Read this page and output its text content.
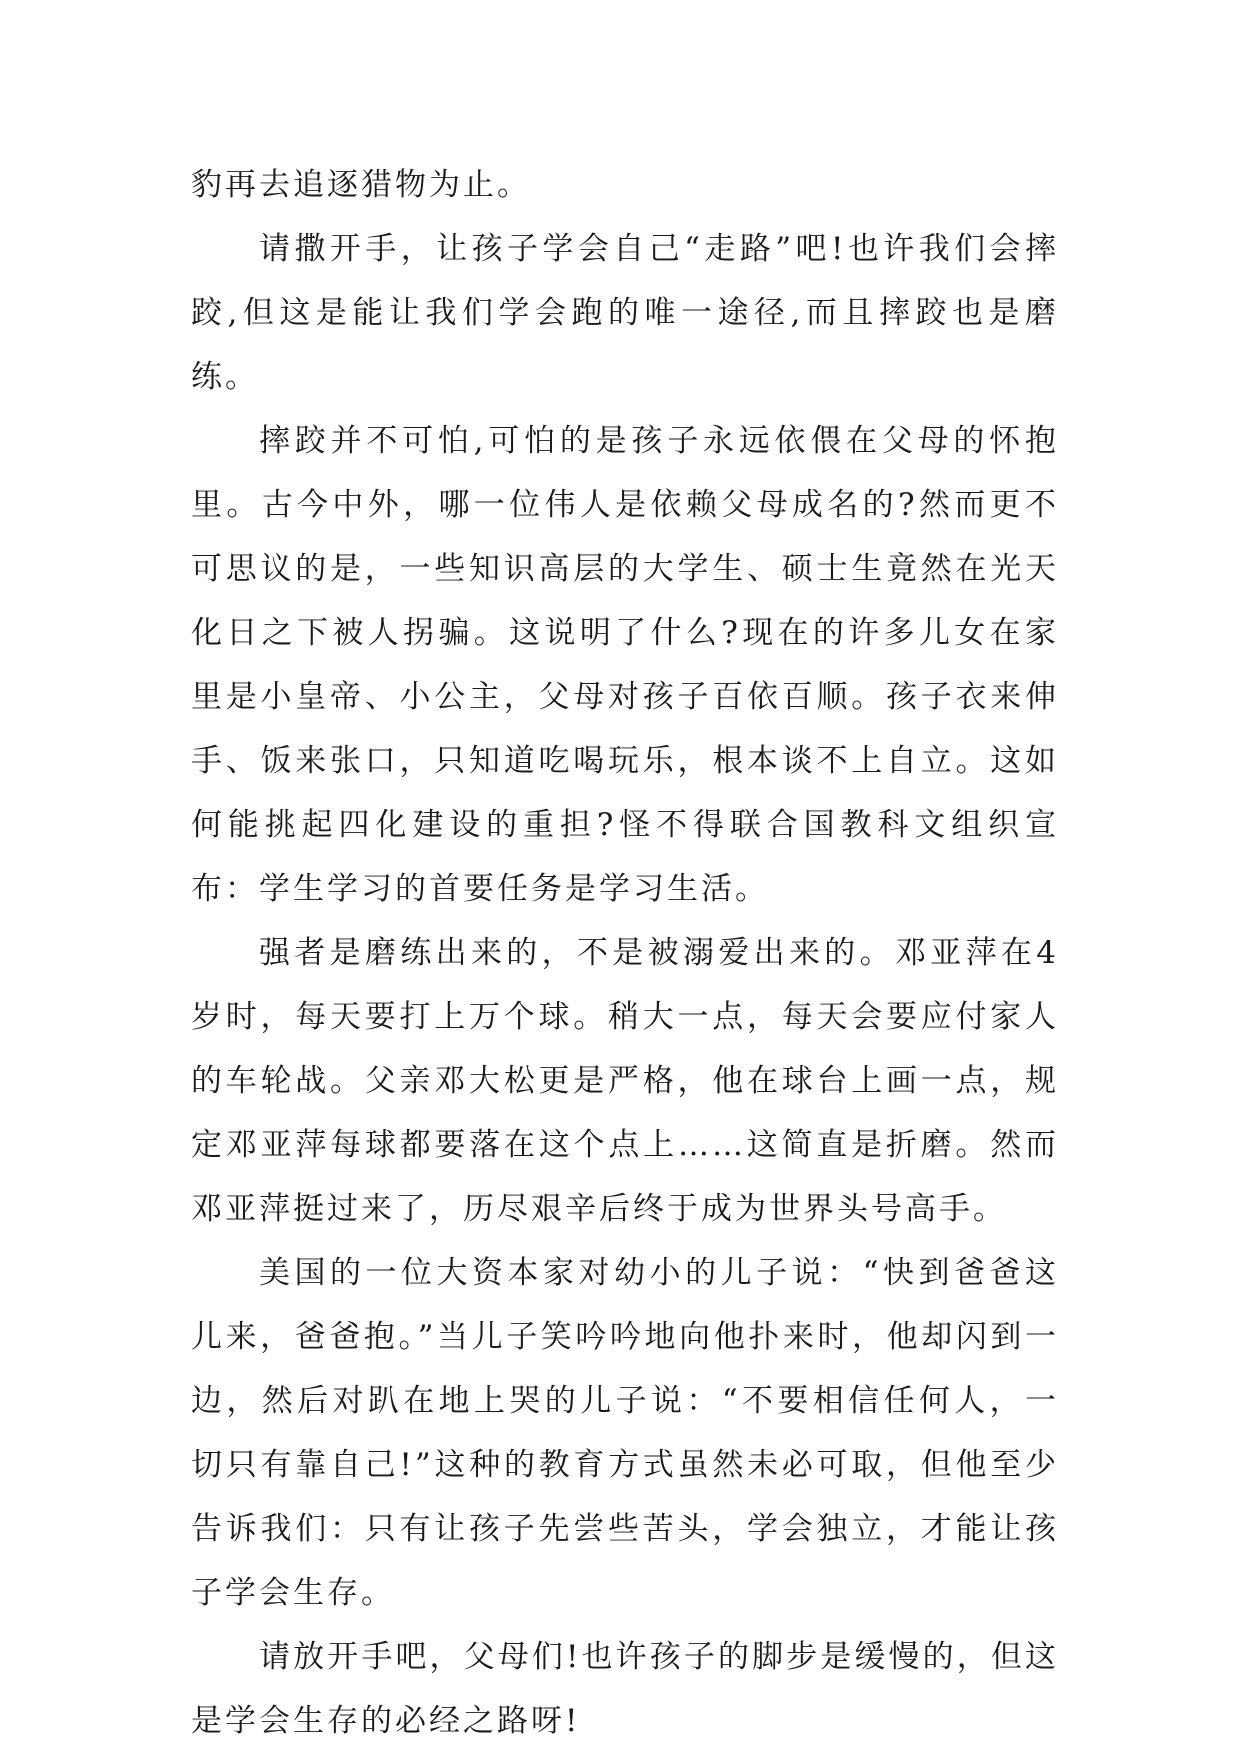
豹再去追逐猎物为止。

请撒开手，让孩子学会自己“走路”吧!也许我们会摔跤,但这是能让我们学会跑的唯一途径,而且摔跤也是磨练。

摔跤并不可怕,可怕的是孩子永远依偎在父母的怀抱里。古今中外，哪一位伟人是依赖父母成名的?然而更不可思议的是，一些知识高层的大学生、硕士生竟然在光天化日之下被人拐骗。这说明了什么?现在的许多儿女在家里是小皇帝、小公主，父母对孩子百依百顺。孩子衣来伸手、饭来张口，只知道吃喝玩乐，根本谈不上自立。这如何能挑起四化建设的重担?怪不得联合国教科文组织宣布：学生学习的首要任务是学习生活。

强者是磨练出来的，不是被溺爱出来的。邓亚萍在4岁时，每天要打上万个球。稍大一点，每天会要应付家人的车轮战。父亲邓大松更是严格，他在球台上画一点，规定邓亚萍每球都要落在这个点上……这简直是折磨。然而邓亚萍挺过来了，历尽艰辛后终于成为世界头号高手。

美国的一位大资本家对幼小的儿子说：“快到爸爸这儿来，爸爸抱。”当儿子笑吟吟地向他扑来时，他却闪到一边，然后对趴在地上哭的儿子说：“不要相信任何人，一切只有靠自己!”这种的教育方式虽然未必可取，但他至少告诉我们：只有让孩子先尝些苦头，学会独立，才能让孩子学会生存。

请放开手吧，父母们!也许孩子的脚步是缓慢的，但这是学会生存的必经之路呀!
